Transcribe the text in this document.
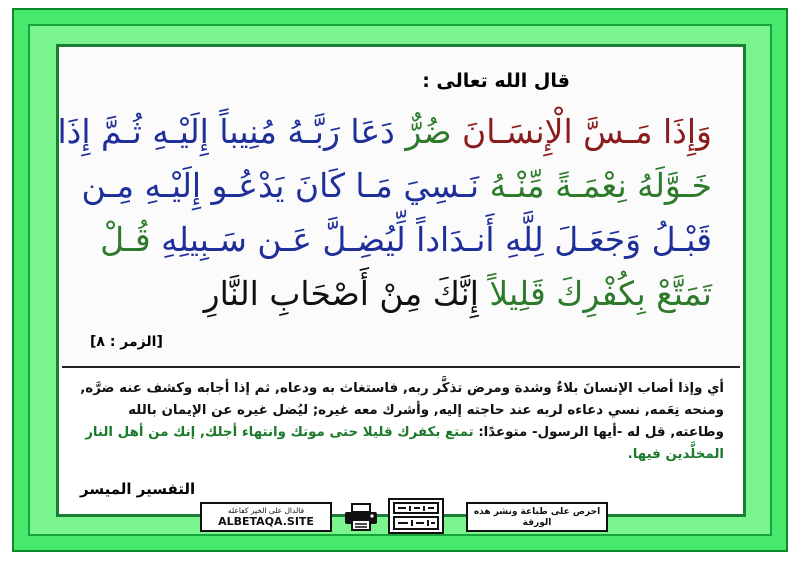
قال الله تعالى :
وَإِذَا مَـسَّ الْإِنسَـانَ ضُرٌّ دَعَا رَبَّـهُ مُنِيباً إِلَيْـهِ ثُـمَّ إِذَا
خَـوَّلَهُ نِعْمَـةً مِّنْـهُ نَـسِيَ مَـا كَانَ يَدْعُـو إِلَيْـهِ مِـن
قَبْـلُ وَجَعَـلَ لِلَّهِ أَنـدَاداً لِّيُضِـلَّ عَـن سَـبِيلِهِ قُـلْ
تَمَتَّعْ بِكُفْرِكَ قَلِيلاً إِنَّكَ مِنْ أَصْحَابِ النَّارِ
[الزمر : ٨]
أي وإذا أصاب الإنسانَ بلاءٌ وشدة ومرض تذكَّر ربه, فاستغاث به ودعاه, ثم إذا أجابه وكشف عنه ضرَّه, ومنحه نِعَمه, نسي دعاءه لربه عند حاجته إليه, وأشرك معه غيره; ليُضل غيره عن الإيمان بالله وطاعته, قل له -أيها الرسول- متوعدًا: تمتع بكفرك قليلا حتى موتك وانتهاء أجلك, إنك من أهل النار المخلَّدين فيها.
التفسير الميسر
فالدال على الخير كفاعله
ALBETAQA.SITE
احرص على طباعة ونشر هذه الورقة
